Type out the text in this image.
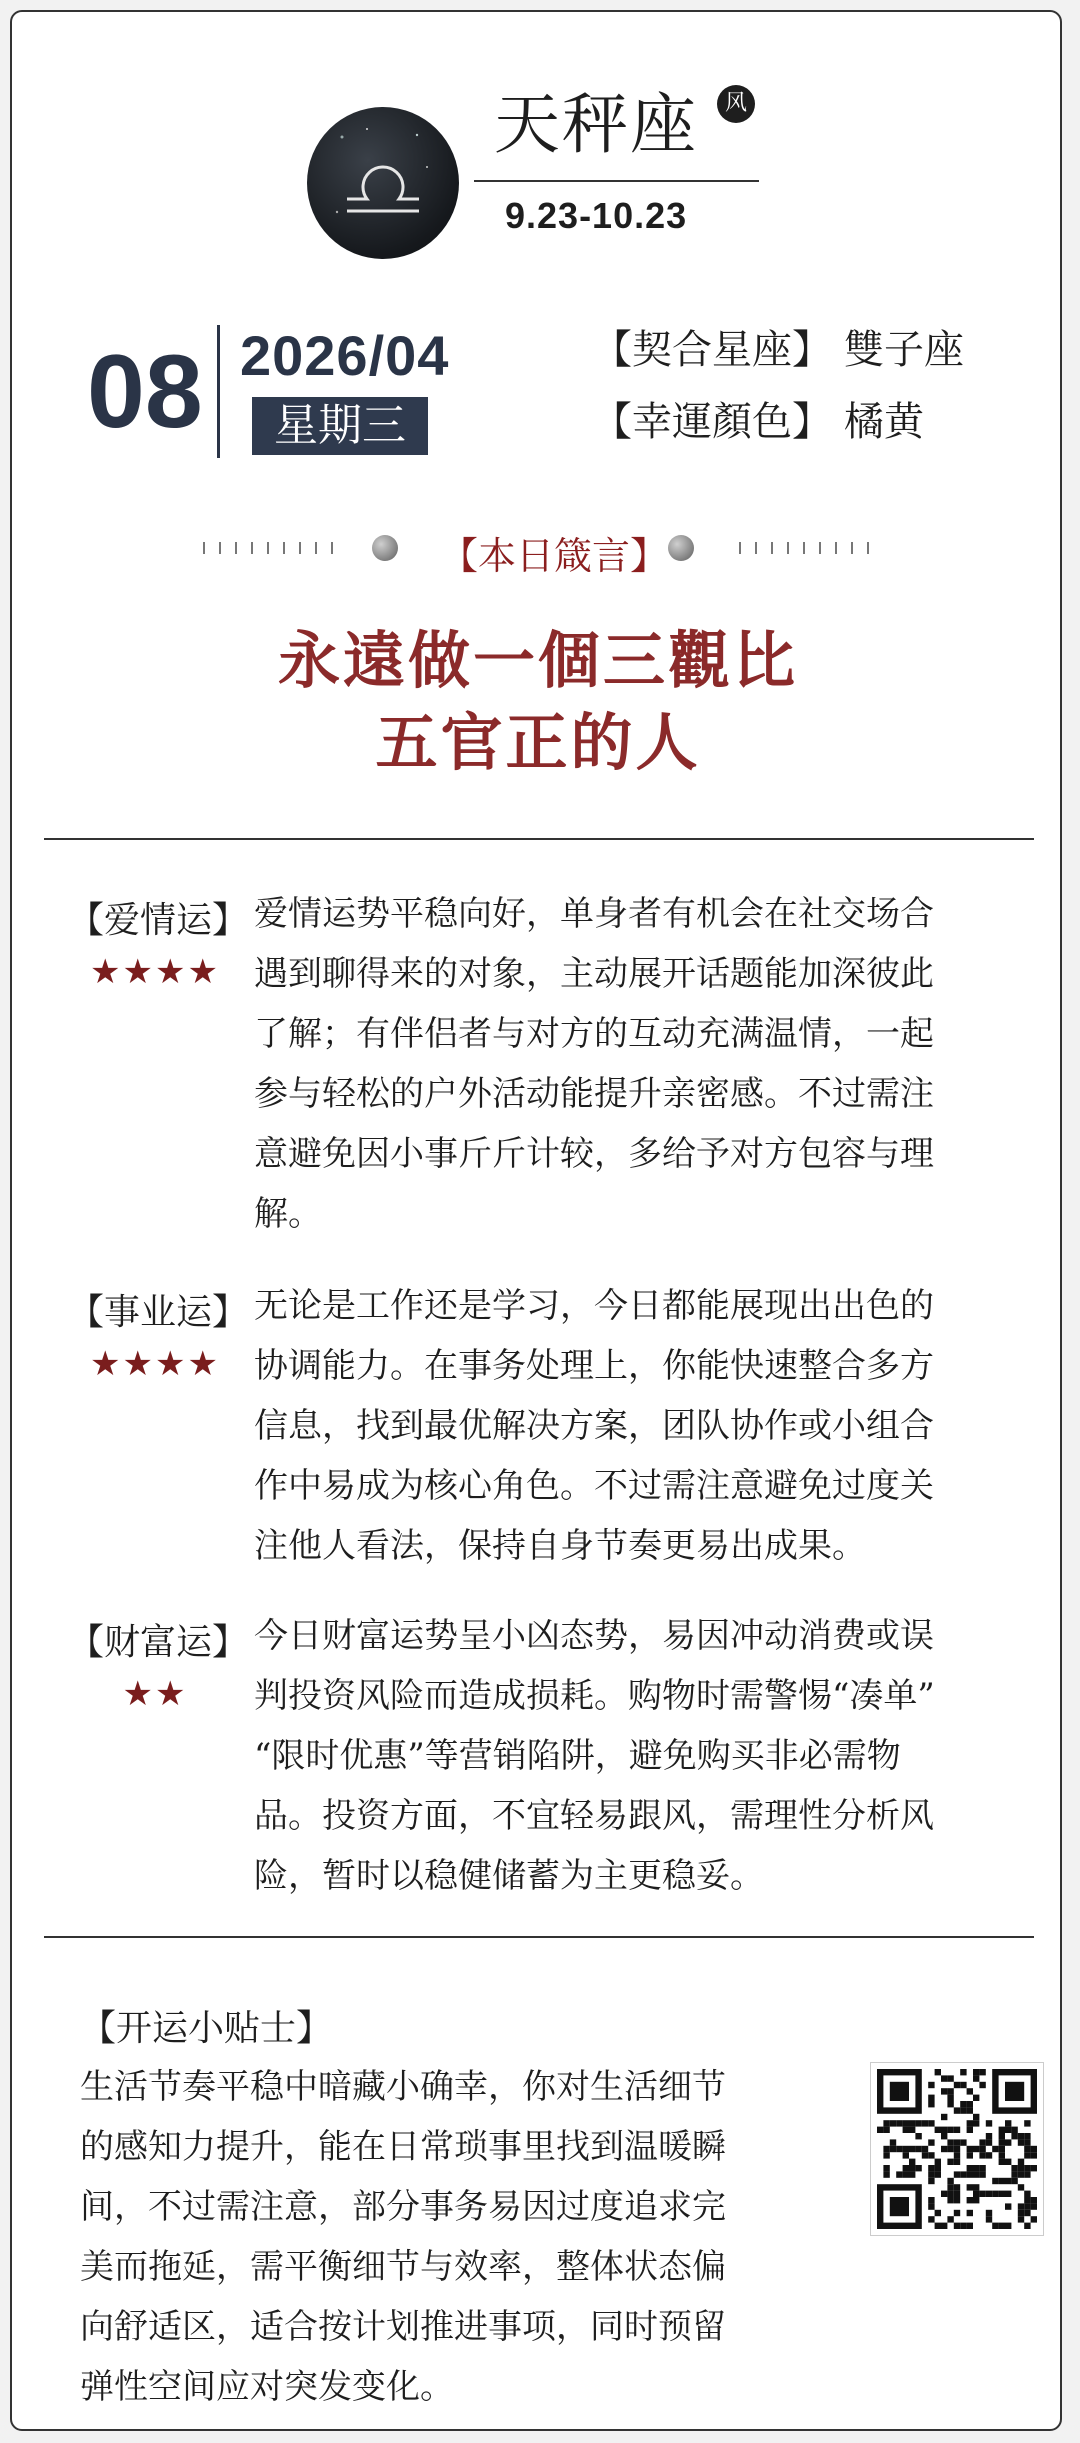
天秤座	风
9.23-10.23
08 2026/04
星期三
【契合星座】 雙子座
【幸運顏色】 橘黄
【本日箴言】
永遠做一個三觀比
五官正的人
【爱情运】
★★★★
爱情运势平稳向好，单身者有机会在社交场合
遇到聊得来的对象，主动展开话题能加深彼此
了解；有伴侣者与对方的互动充满温情，一起
参与轻松的户外活动能提升亲密感。不过需注
意避免因小事斤斤计较，多给予对方包容与理
解。
【事业运】
★★★★
无论是工作还是学习，今日都能展现出出色的
协调能力。在事务处理上，你能快速整合多方
信息，找到最优解决方案，团队协作或小组合
作中易成为核心角色。不过需注意避免过度关
注他人看法，保持自身节奏更易出成果。
【财富运】
★★
今日财富运势呈小凶态势，易因冲动消费或误
判投资风险而造成损耗。购物时需警惕“凑单”
“限时优惠”等营销陷阱，避免购买非必需物
品。投资方面，不宜轻易跟风，需理性分析风
险，暂时以稳健储蓄为主更稳妥。
【开运小贴士】
生活节奏平稳中暗藏小确幸，你对生活细节
的感知力提升，能在日常琐事里找到温暖瞬
间，不过需注意，部分事务易因过度追求完
美而拖延，需平衡细节与效率，整体状态偏
向舒适区，适合按计划推进事项，同时预留
弹性空间应对突发变化。
